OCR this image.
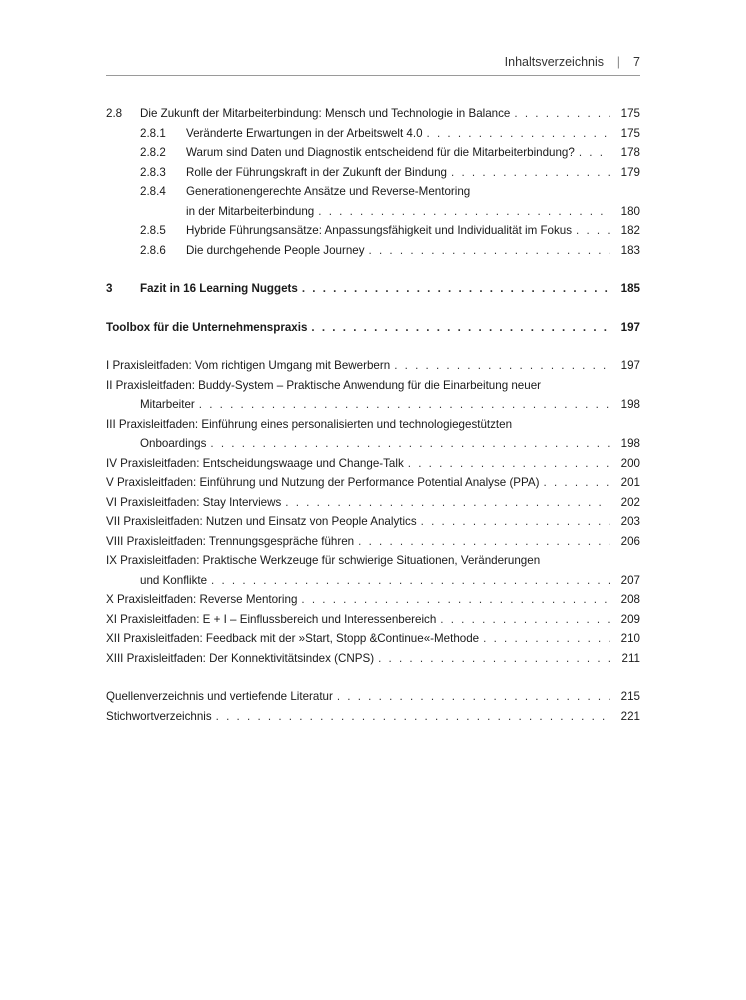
Inhaltsverzeichnis | 7
2.8 Die Zukunft der Mitarbeiterbindung: Mensch und Technologie in Balance . . .	175
2.8.1 Veränderte Erwartungen in der Arbeitswelt 4.0 . . .	175
2.8.2 Warum sind Daten und Diagnostik entscheidend für die Mitarbeiterbindung? . . .	178
2.8.3 Rolle der Führungskraft in der Zukunft der Bindung . . .	179
2.8.4 Generationengerechte Ansätze und Reverse-Mentoring
in der Mitarbeiterbindung . . .	180
2.8.5 Hybride Führungsansätze: Anpassungsfähigkeit und Individualität im Fokus . . .	182
2.8.6 Die durchgehende People Journey . . .	183
3 Fazit in 16 Learning Nuggets . . .	185
Toolbox für die Unternehmenspraxis . . .	197
I Praxisleitfaden: Vom richtigen Umgang mit Bewerbern . . .	197
II Praxisleitfaden: Buddy-System – Praktische Anwendung für die Einarbeitung neuer
Mitarbeiter . . .	198
III Praxisleitfaden: Einführung eines personalisierten und technologiegestützten
Onboardings . . .	198
IV Praxisleitfaden: Entscheidungswaage und Change-Talk . . .	200
V Praxisleitfaden: Einführung und Nutzung der Performance Potential Analyse (PPA) . . .	201
VI Praxisleitfaden: Stay Interviews . . .	202
VII Praxisleitfaden: Nutzen und Einsatz von People Analytics . . .	203
VIII Praxisleitfaden: Trennungsgespräche führen . . .	206
IX Praxisleitfaden: Praktische Werkzeuge für schwierige Situationen, Veränderungen
und Konflikte . . .	207
X Praxisleitfaden: Reverse Mentoring . . .	208
XI Praxisleitfaden: E + I – Einflussbereich und Interessenbereich . . .	209
XII Praxisleitfaden: Feedback mit der »Start, Stopp &Continue«-Methode . . .	210
XIII Praxisleitfaden: Der Konnektivitätsindex (CNPS) . . .	211
Quellenverzeichnis und vertiefende Literatur . . .	215
Stichwortverzeichnis . . .	221
